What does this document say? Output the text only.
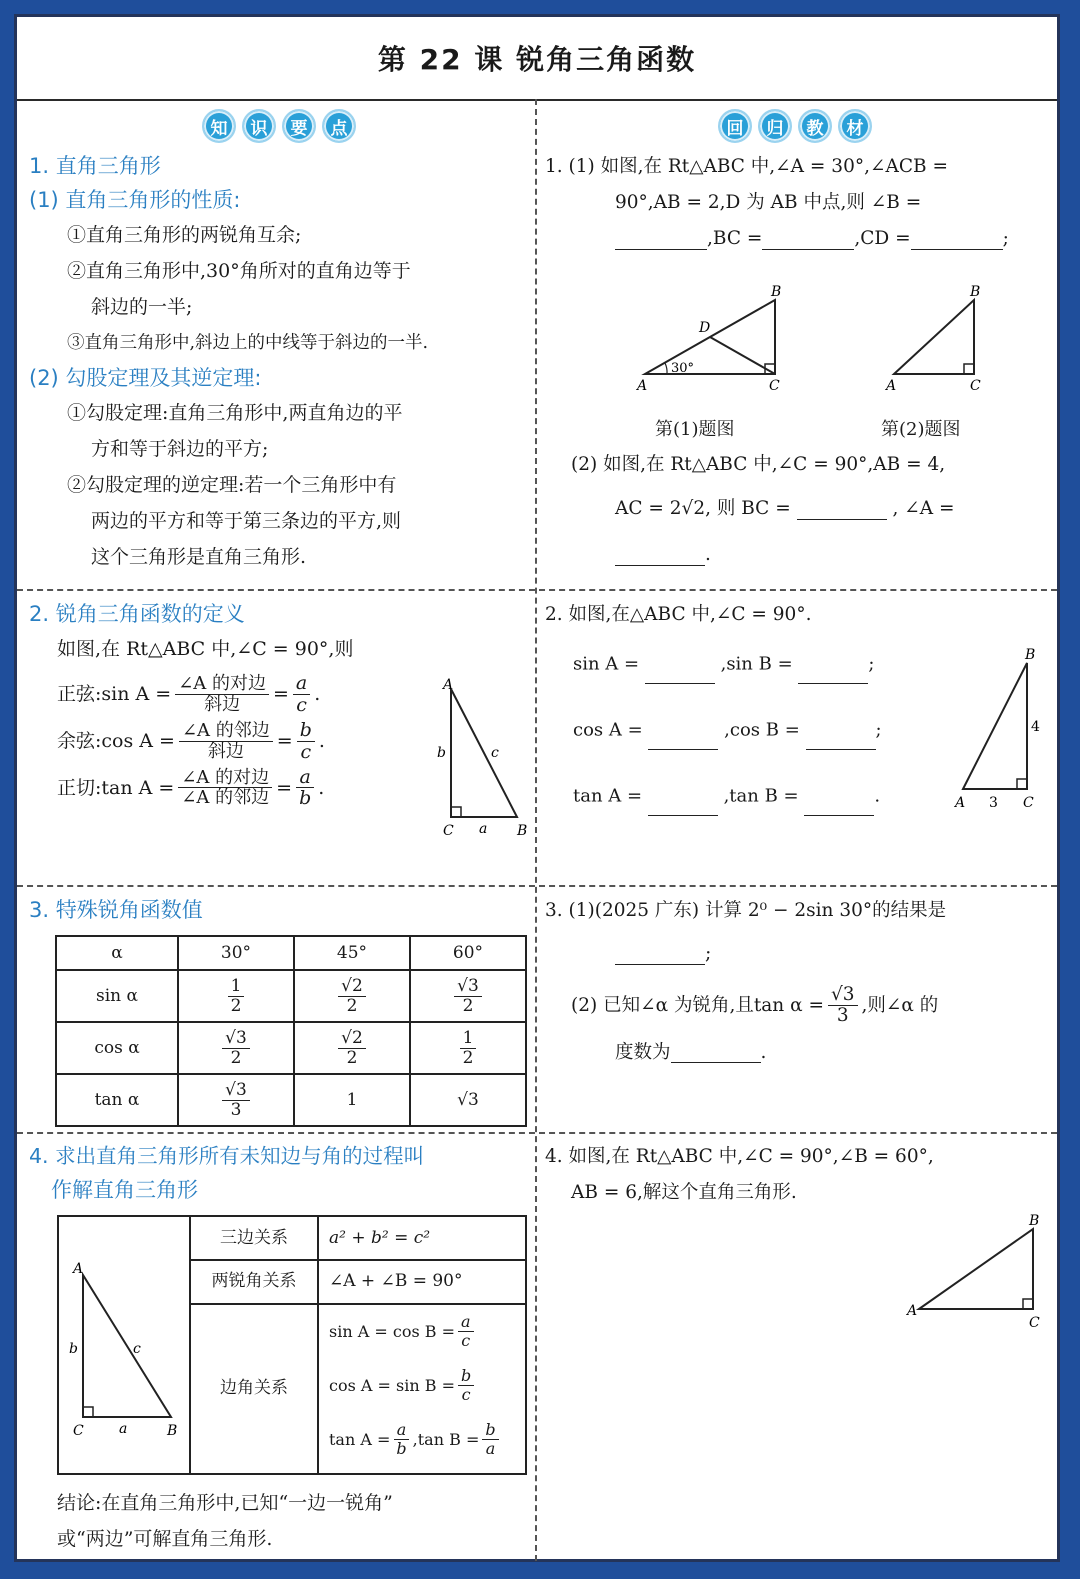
第 22 课 锐角三角函数
知	识	要	点
1. 直角三角形
(1) 直角三角形的性质:
①直角三角形的两锐角互余;
②直角三角形中,30°角所对的直角边等于
斜边的一半;
③直角三角形中,斜边上的中线等于斜边的一半.
(2) 勾股定理及其逆定理:
①勾股定理:直角三角形中,两直角边的平
方和等于斜边的平方;
②勾股定理的逆定理:若一个三角形中有
两边的平方和等于第三条边的平方,则
这个三角形是直角三角形.
2. 锐角三角函数的定义
如图,在 Rt△ABC 中,∠C = 90°,则
正弦:sin $A = \frac{\text{∠A 的对边}}{\text{斜边}} = \frac{a}{c}$ .
余弦:cos $A = \frac{\text{∠A 的邻边}}{\text{斜边}} = \frac{b}{c}$ .
正切:tan $A = \frac{\text{∠A 的对边}}{\text{∠A 的邻边}} = \frac{a}{b}$ .
A
B
C a
b	c
3. 特殊锐角函数值
α	30°	45°	60°
sin α	$\frac{1}{2}$	$\frac{√2}{2}$	$\frac{√3}{2}$

cos α	$\frac{√3}{2}$	$\frac{√2}{2}$	$\frac{1}{2}$

tan α	$\frac{√3}{3}$	1	√3
4. 求出直角三角形所有未知边与角的过程叫
作解直角三角形
A
B
C	a
b	c
三边关系	a² + b² = c²
两锐角关系	∠A + ∠B = 90°
边角关系
$\sin A = \cos B = \frac{a}{c}$
$\cos A = \sin B = \frac{b}{c}$
$\tan A = \frac{a}{b} ,\tan$ $B = \frac{b}{a}$
结论:在直角三角形中,已知“一边一锐角”
或“两边”可解直角三角形.
回	归	教	材
1. (1) 如图,在 Rt△ABC 中,∠A = 30°,∠ACB =
90°,AB = 2,D 为 AB 中点,则 ∠B =
,BC =	,CD =	;
A
B
C
D
30°
A
B
C
第(1)题图	第(2)题图
(2) 如图,在 Rt△ABC 中,∠C = 90°,AB = 4,
AC = 2√2, 则 BC =	, ∠A =
.
2. 如图,在△ABC 中,∠C = 90°.
sin A =	,sin B =	;
cos A =	,cos B =	;
tan A =	,tan B =	.	A
B
C
4
3
3. (1)(2025 广东) 计算 2⁰ − 2sin 30°的结果是
;
(2) 已知∠α 为锐角,且$\tan \alpha = \frac{√3}{3}$ ,则∠α 的
度数为	.
4. 如图,在 Rt△ABC 中,∠C = 90°,∠B = 60°,
AB = 6,解这个直角三角形.
A
B
C
